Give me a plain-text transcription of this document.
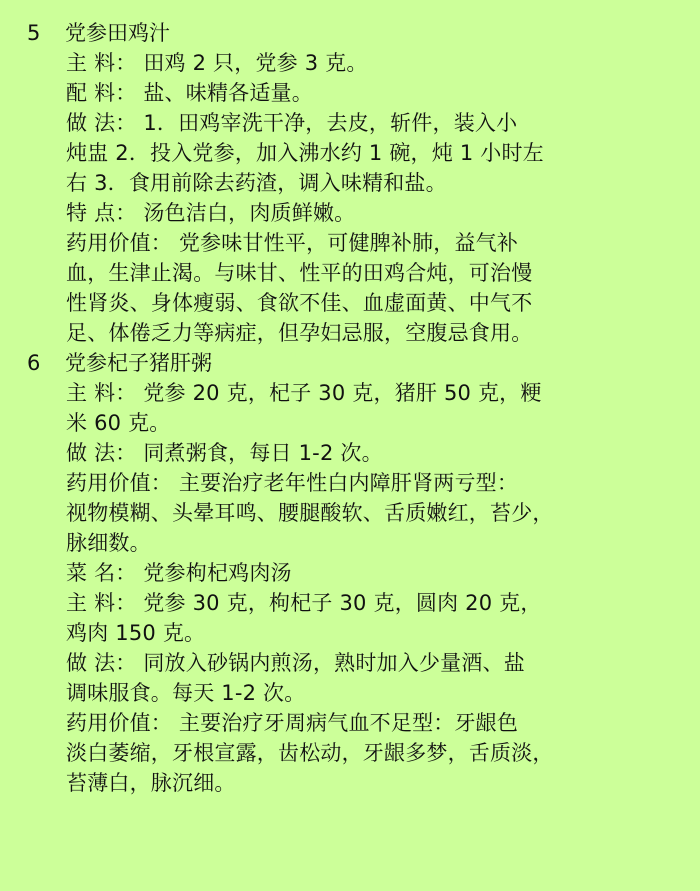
5	党参田鸡汁
主 料： 田鸡 2 只，党参 3 克。
配 料： 盐、味精各适量。
做 法： 1．田鸡宰洗干净，去皮，斩件，装入小
炖盅 2．投入党参，加入沸水约 1 碗，炖 1 小时左
右 3．食用前除去药渣，调入味精和盐。
特 点： 汤色洁白，肉质鲜嫩。
药用价值： 党参味甘性平，可健脾补肺，益气补
血，生津止渴。与味甘、性平的田鸡合炖，可治慢
性肾炎、身体瘦弱、食欲不佳、血虚面黄、中气不
足、体倦乏力等病症，但孕妇忌服，空腹忌食用。
6	党参杞子猪肝粥
主 料： 党参 20 克，杞子 30 克，猪肝 50 克，粳
米 60 克。
做 法： 同煮粥食，每日 1-2 次。
药用价值： 主要治疗老年性白内障肝肾两亏型：
视物模糊、头晕耳鸣、腰腿酸软、舌质嫩红，苔少，
脉细数。
菜 名： 党参枸杞鸡肉汤
主 料： 党参 30 克，枸杞子 30 克，圆肉 20 克，
鸡肉 150 克。
做 法： 同放入砂锅内煎汤，熟时加入少量酒、盐
调味服食。每天 1-2 次。
药用价值： 主要治疗牙周病气血不足型：牙龈色
淡白萎缩，牙根宣露，齿松动，牙龈多梦，舌质淡，
苔薄白，脉沉细。
